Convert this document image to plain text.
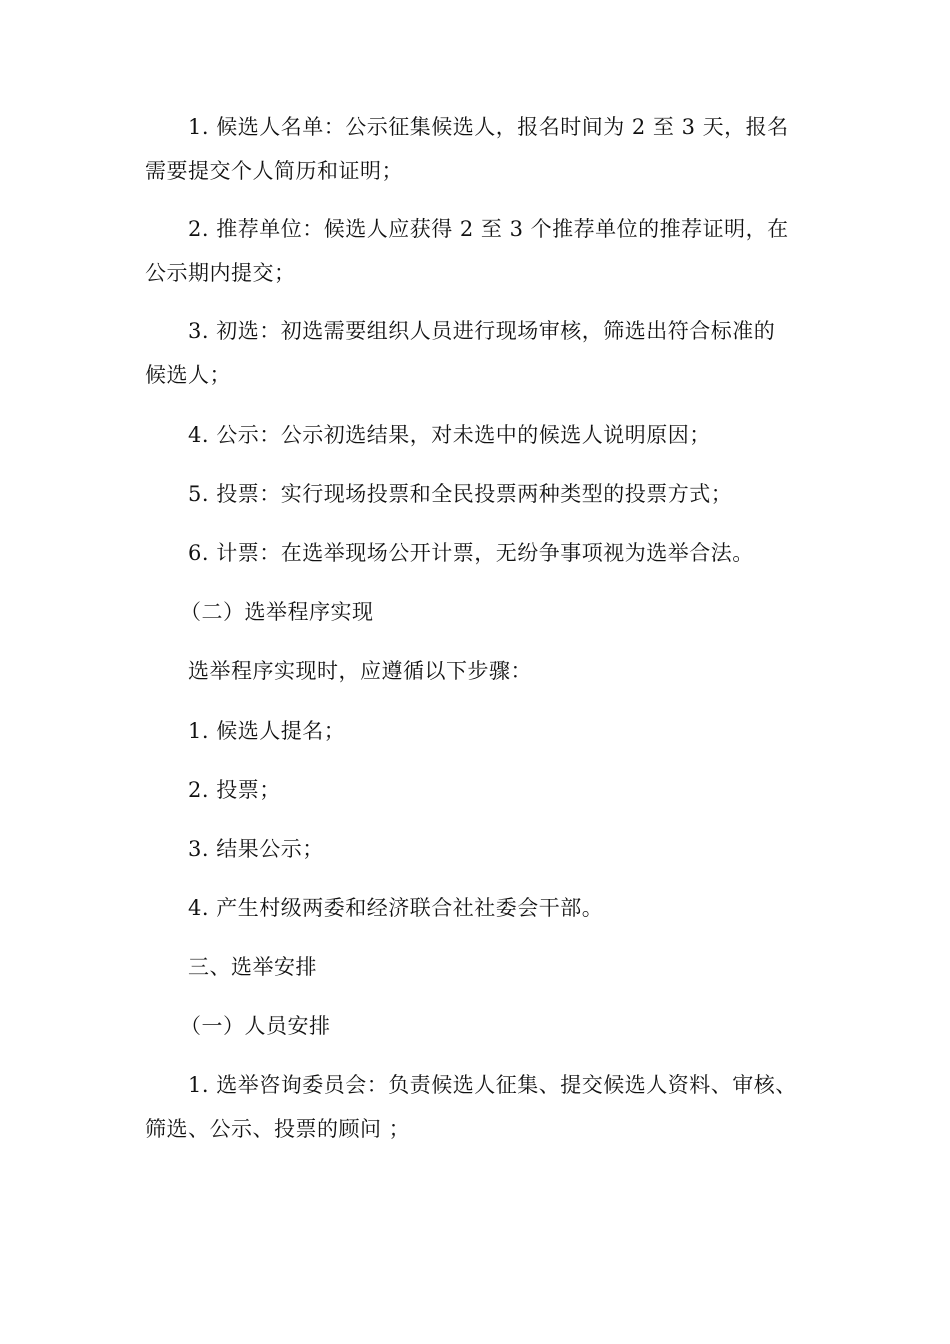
1. 候选人名单：公示征集候选人，报名时间为 2 至 3 天，报名
需要提交个人简历和证明；
2. 推荐单位：候选人应获得 2 至 3 个推荐单位的推荐证明，在
公示期内提交；
3. 初选：初选需要组织人员进行现场审核，筛选出符合标准的
候选人；
4. 公示：公示初选结果，对未选中的候选人说明原因；
5. 投票：实行现场投票和全民投票两种类型的投票方式；
6. 计票：在选举现场公开计票，无纷争事项视为选举合法。
（二）选举程序实现
选举程序实现时，应遵循以下步骤：
1. 候选人提名；
2. 投票；
3. 结果公示；
4. 产生村级两委和经济联合社社委会干部。
三、选举安排
（一）人员安排
1. 选举咨询委员会：负责候选人征集、提交候选人资料、审核、
筛选、公示、投票的顾问 ；
